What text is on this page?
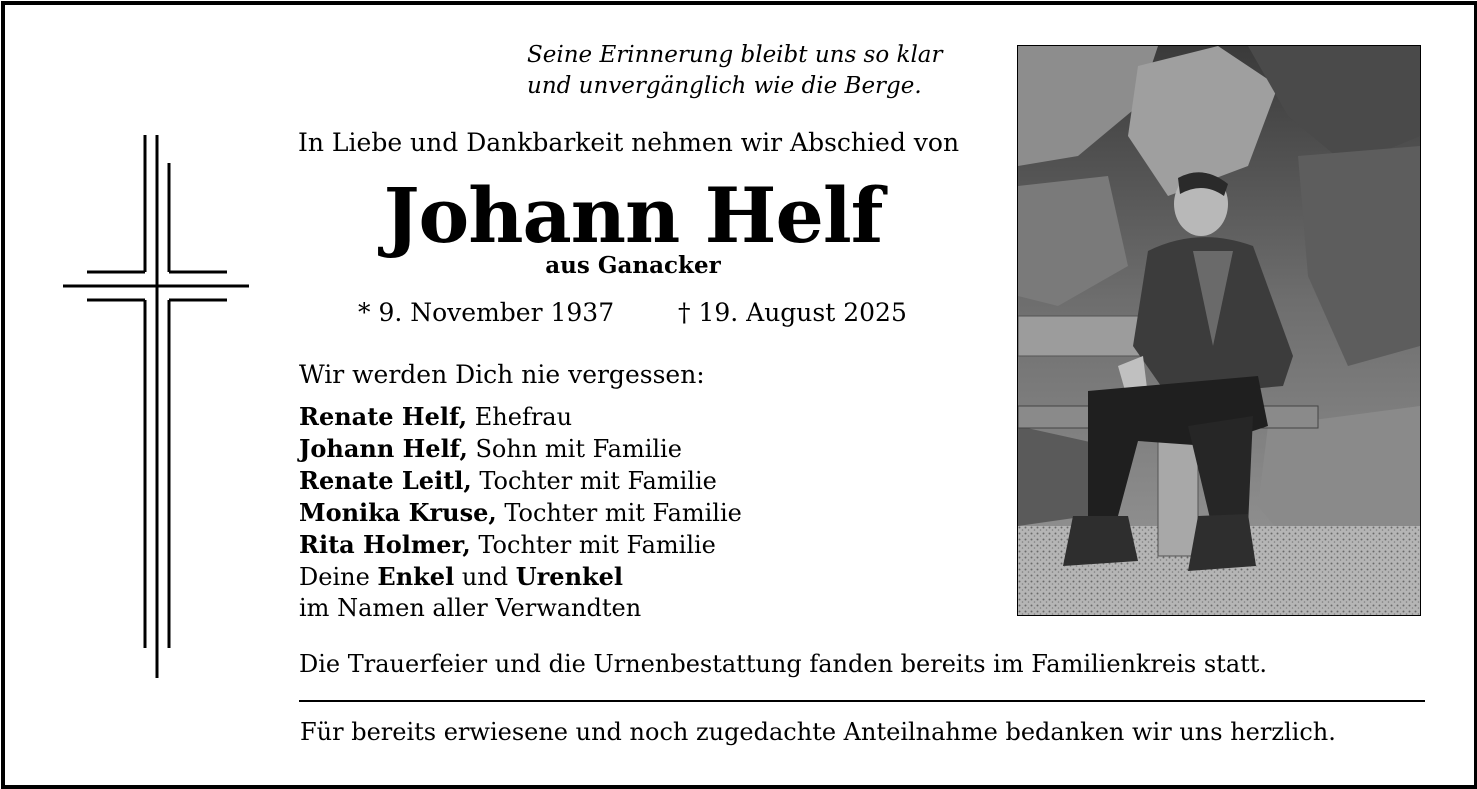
Seine Erinnerung bleibt uns so klar
und unvergänglich wie die Berge.
In Liebe und Dankbarkeit nehmen wir Abschied von
Johann Helf
aus Ganacker
* 9. November 1937	† 19. August 2025
Wir werden Dich nie vergessen:
Renate Helf, Ehefrau
Johann Helf, Sohn mit Familie
Renate Leitl, Tochter mit Familie
Monika Kruse, Tochter mit Familie
Rita Holmer, Tochter mit Familie
Deine Enkel und Urenkel
im Namen aller Verwandten
Die Trauerfeier und die Urnenbestattung fanden bereits im Familienkreis statt.
Für bereits erwiesene und noch zugedachte Anteilnahme bedanken wir uns herzlich.
